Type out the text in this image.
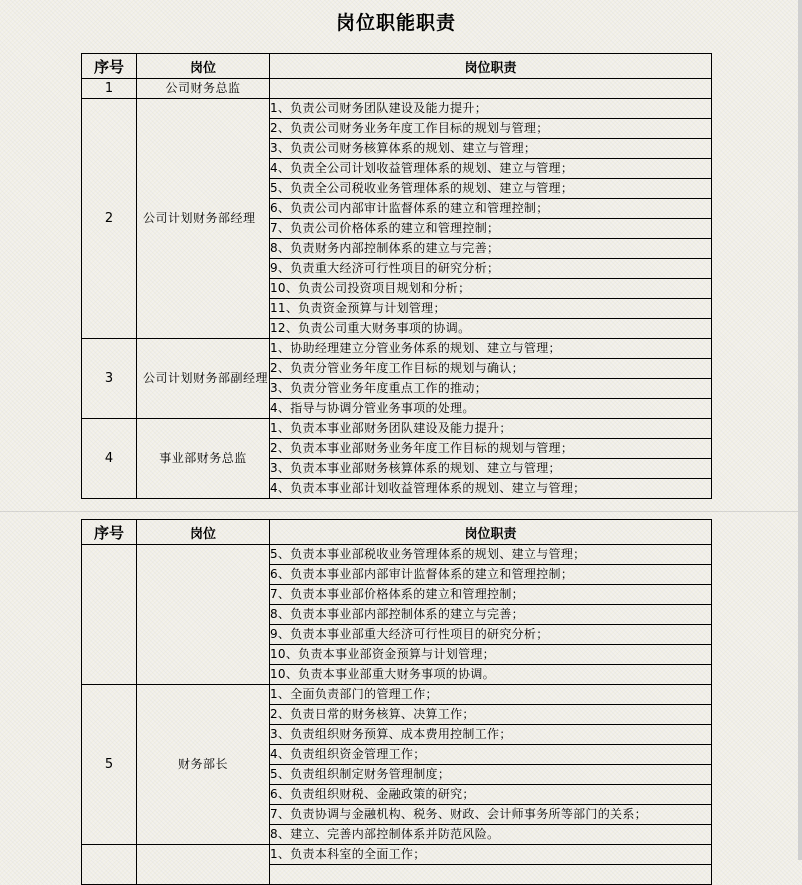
岗位职能职责
序号	岗位	岗位职责
1	公司财务总监	
2	公司计划财务部经理	1、负责公司财务团队建设及能力提升；
		2、负责公司财务业务年度工作目标的规划与管理；
		3、负责公司财务核算体系的规划、建立与管理；
		4、负责全公司计划收益管理体系的规划、建立与管理；
		5、负责全公司税收业务管理体系的规划、建立与管理；
		6、负责公司内部审计监督体系的建立和管理控制；
		7、负责公司价格体系的建立和管理控制；
		8、负责财务内部控制体系的建立与完善；
		9、负责重大经济可行性项目的研究分析；
		10、负责公司投资项目规划和分析；
		11、负责资金预算与计划管理；
		12、负责公司重大财务事项的协调。
3	公司计划财务部副经理	1、协助经理建立分管业务体系的规划、建立与管理；
		2、负责分管业务年度工作目标的规划与确认；
		3、负责分管业务年度重点工作的推动；
		4、指导与协调分管业务事项的处理。
4	事业部财务总监	1、负责本事业部财务团队建设及能力提升；
		2、负责本事业部财务业务年度工作目标的规划与管理；
		3、负责本事业部财务核算体系的规划、建立与管理；
		4、负责本事业部计划收益管理体系的规划、建立与管理；
序号	岗位	岗位职责
		5、负责本事业部税收业务管理体系的规划、建立与管理；
		6、负责本事业部内部审计监督体系的建立和管理控制；
		7、负责本事业部价格体系的建立和管理控制；
		8、负责本事业部内部控制体系的建立与完善；
		9、负责本事业部重大经济可行性项目的研究分析；
		10、负责本事业部资金预算与计划管理；
		10、负责本事业部重大财务事项的协调。
5	财务部长	1、全面负责部门的管理工作；
		2、负责日常的财务核算、决算工作；
		3、负责组织财务预算、成本费用控制工作；
		4、负责组织资金管理工作；
		5、负责组织制定财务管理制度；
		6、负责组织财税、金融政策的研究；
		7、负责协调与金融机构、税务、财政、会计师事务所等部门的关系；
		8、建立、完善内部控制体系并防范风险。
		1、负责本科室的全面工作；
